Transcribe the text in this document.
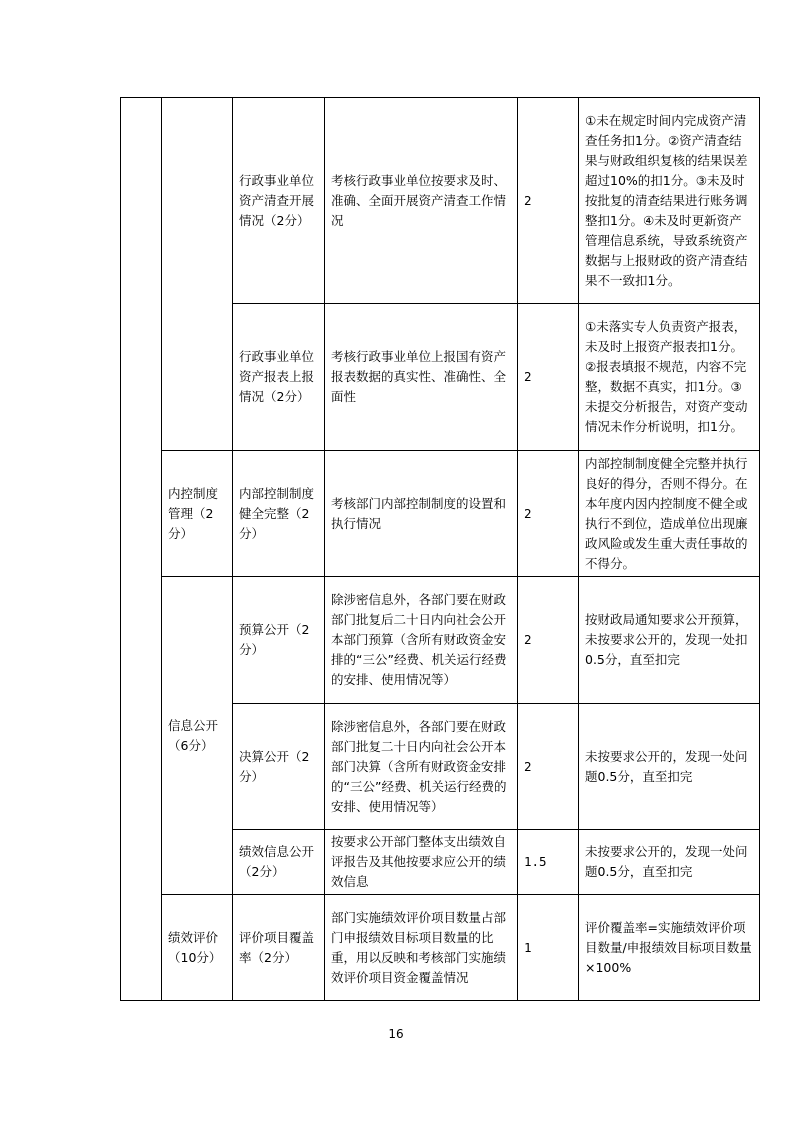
		行政事业单位资产清查开展情况（2分）	考核行政事业单位按要求及时、准确、全面开展资产清查工作情况	2	①未在规定时间内完成资产清查任务扣1分。②资产清查结果与财政组织复核的结果误差超过10%的扣1分。③未及时按批复的清查结果进行账务调整扣1分。④未及时更新资产管理信息系统，导致系统资产数据与上报财政的资产清查结果不一致扣1分。
		行政事业单位资产报表上报情况（2分）	考核行政事业单位上报国有资产报表数据的真实性、准确性、全面性	2	①未落实专人负责资产报表，未及时上报资产报表扣1分。②报表填报不规范，内容不完整，数据不真实，扣1分。③未提交分析报告，对资产变动情况未作分析说明，扣1分。
	内控制度管理（2分）	内部控制制度健全完整（2分）	考核部门内部控制制度的设置和执行情况	2	内部控制制度健全完整并执行良好的得分，否则不得分。在本年度内因内控制度不健全或执行不到位，造成单位出现廉政风险或发生重大责任事故的不得分。
	信息公开（6分）	预算公开（2分）	除涉密信息外，各部门要在财政部门批复后二十日内向社会公开本部门预算（含所有财政资金安排的“三公”经费、机关运行经费的安排、使用情况等）	2	按财政局通知要求公开预算，未按要求公开的，发现一处扣0.5分，直至扣完
		决算公开（2分）	除涉密信息外，各部门要在财政部门批复二十日内向社会公开本部门决算（含所有财政资金安排的“三公”经费、机关运行经费的安排、使用情况等）	2	未按要求公开的，发现一处问题0.5分，直至扣完
		绩效信息公开（2分）	按要求公开部门整体支出绩效自评报告及其他按要求应公开的绩效信息	1.5	未按要求公开的，发现一处问题0.5分，直至扣完
	绩效评价（10分）	评价项目覆盖率（2分）	部门实施绩效评价项目数量占部门申报绩效目标项目数量的比重，用以反映和考核部门实施绩效评价项目资金覆盖情况	1	评价覆盖率=实施绩效评价项目数量/申报绩效目标项目数量×100%
16
